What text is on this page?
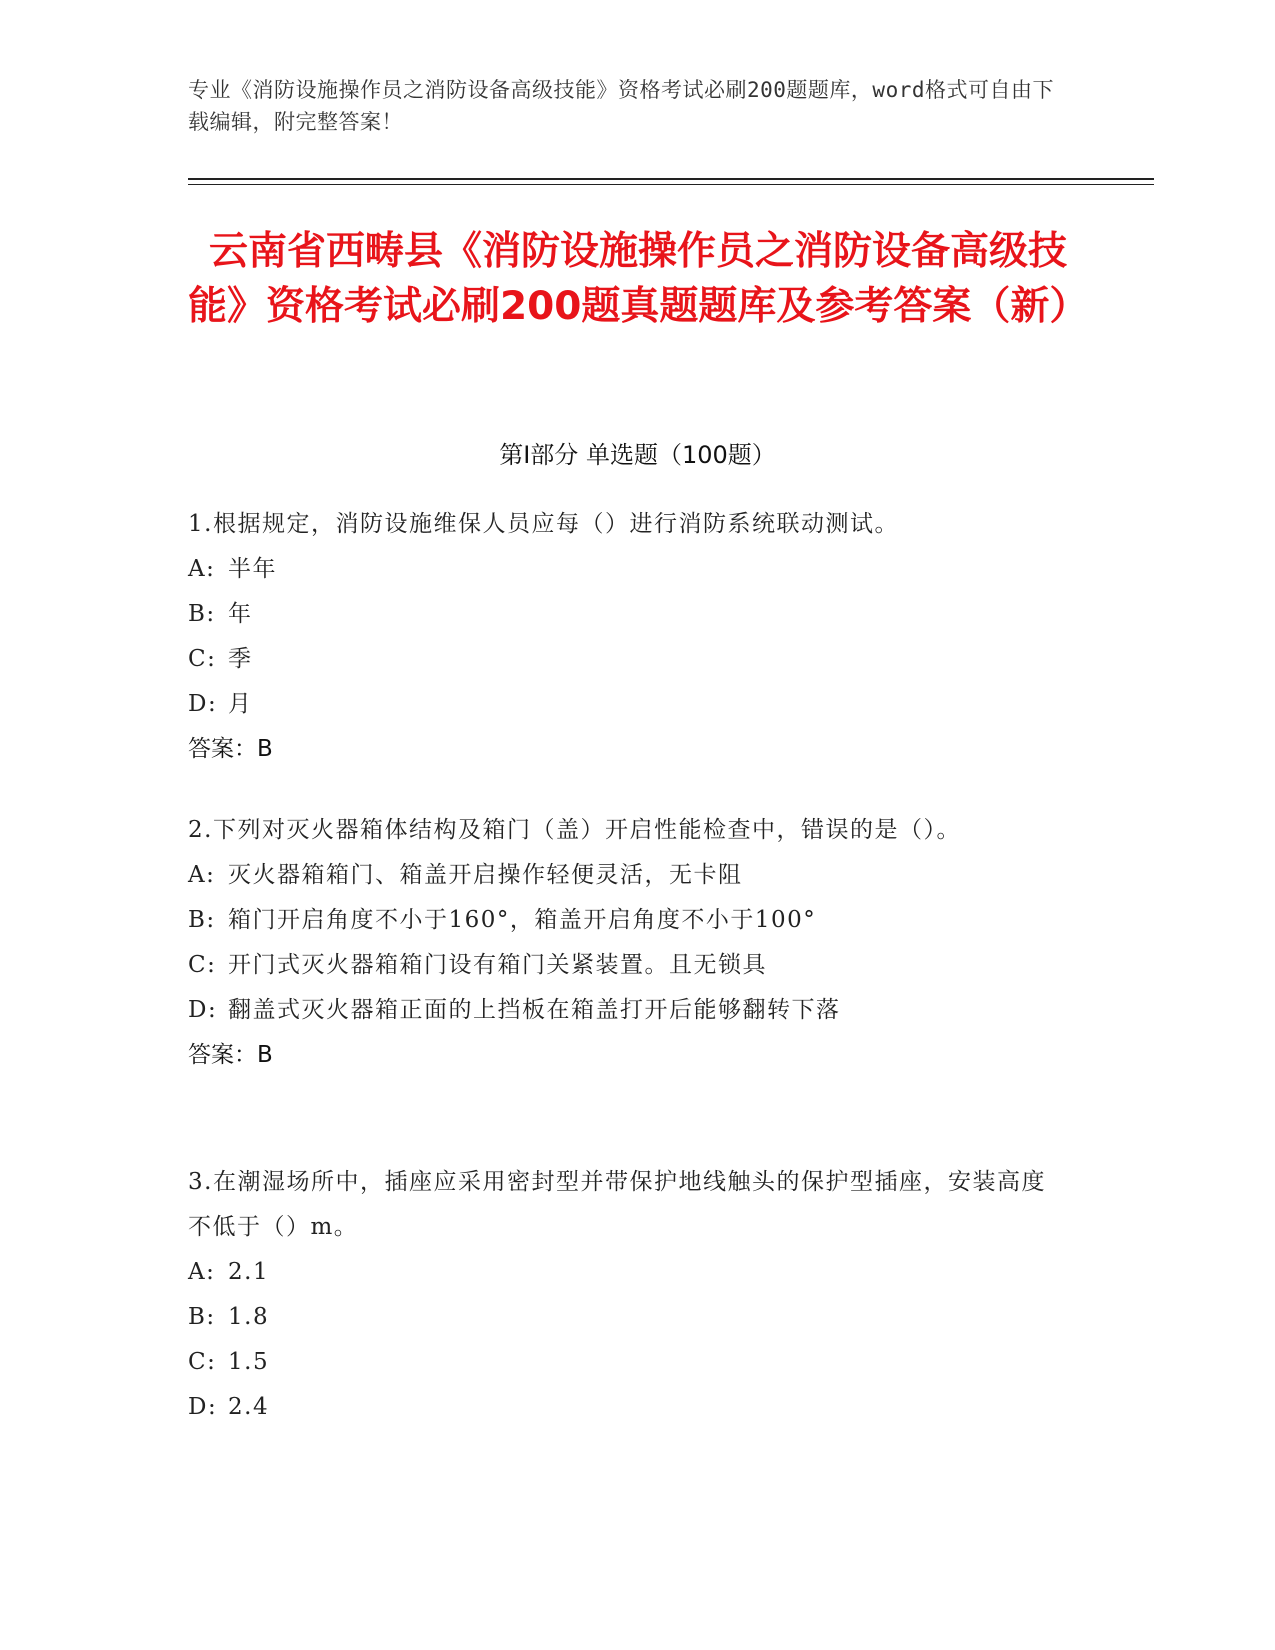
专业《消防设施操作员之消防设备高级技能》资格考试必刷200题题库，word格式可自由下载编辑，附完整答案！
云南省西畴县《消防设施操作员之消防设备高级技能》资格考试必刷200题真题题库及参考答案（新）
第Ⅰ部分 单选题（100题）
1.根据规定，消防设施维保人员应每（）进行消防系统联动测试。
A: 半年
B: 年
C: 季
D: 月
答案：B
2.下列对灭火器箱体结构及箱门（盖）开启性能检查中，错误的是（）。
A: 灭火器箱箱门、箱盖开启操作轻便灵活，无卡阻
B: 箱门开启角度不小于160°，箱盖开启角度不小于100°
C: 开门式灭火器箱箱门设有箱门关紧装置。且无锁具
D: 翻盖式灭火器箱正面的上挡板在箱盖打开后能够翻转下落
答案：B
3.在潮湿场所中，插座应采用密封型并带保护地线触头的保护型插座，安装高度不低于（）m。
A: 2.1
B: 1.8
C: 1.5
D: 2.4
